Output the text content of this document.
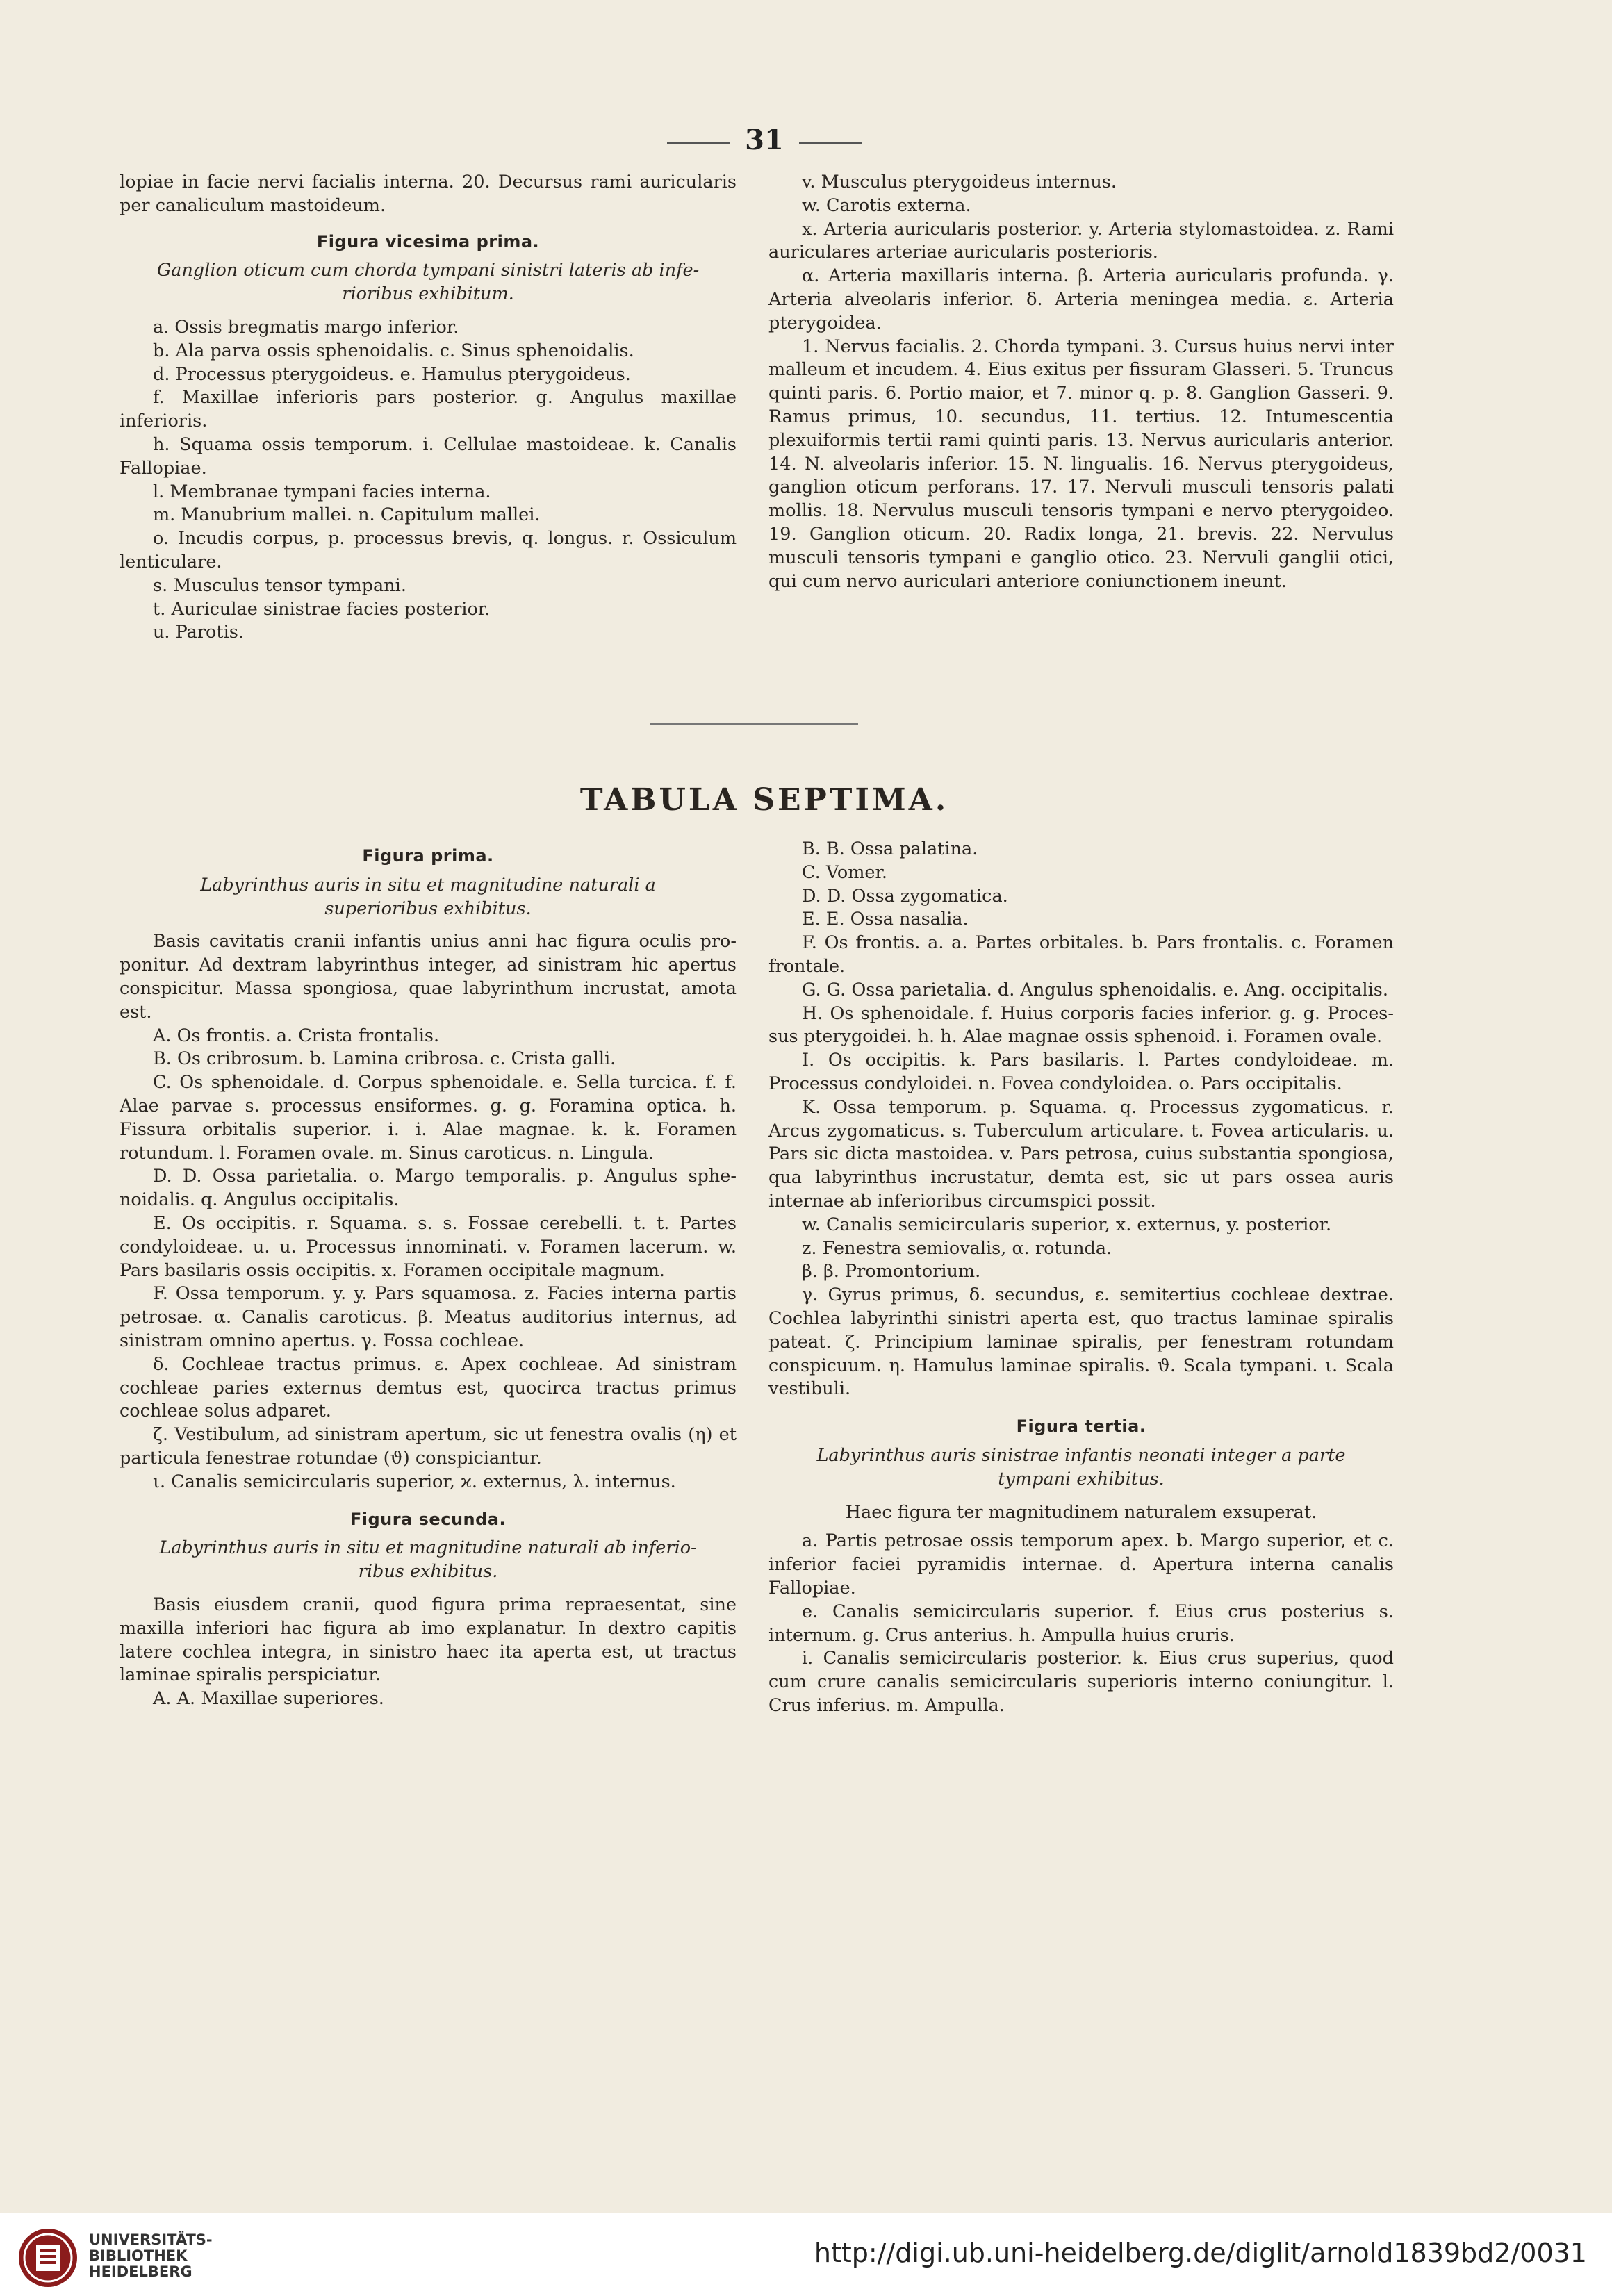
31

lopiae in facie nervi facialis interna. 20. Decursus rami auricularis per canaliculum mastoideum.

Figura vicesima prima.

Ganglion oticum cum chorda tympani sinistri lateris ab inferioribus exhibitum.

a. Ossis bregmatis margo inferior.

b. Ala parva ossis sphenoidalis. c. Sinus sphenoidalis.

d. Processus pterygoideus. e. Hamulus pterygoideus.

f. Maxillae inferioris pars posterior. g. Angulus maxillae inferioris.

h. Squama ossis temporum. i. Cellulae mastoideae. k. Canalis Fallopiae.

l. Membranae tympani facies interna.

m. Manubrium mallei. n. Capitulum mallei.

o. Incudis corpus, p. processus brevis, q. longus. r. Ossiculum lenticulare.

s. Musculus tensor tympani.

t. Auriculae sinistrae facies posterior.

u. Parotis.

v. Musculus pterygoideus internus.

w. Carotis externa.

x. Arteria auricularis posterior. y. Arteria stylomastoidea. z. Rami auriculares arteriae auricularis posterioris.

α. Arteria maxillaris interna. β. Arteria auricularis profunda. γ. Arteria alveolaris inferior. δ. Arteria meningea media. ε. Arteria pterygoidea.

1. Nervus facialis. 2. Chorda tympani. 3. Cursus huius nervi inter malleum et incudem. 4. Eius exitus per fissuram Glasseri. 5. Truncus quinti paris. 6. Portio maior, et 7. minor q. p. 8. Ganglion Gasseri. 9. Ramus primus, 10. secundus, 11. tertius. 12. Intumescentia plexuiformis tertii rami quinti paris. 13. Nervus auricularis anterior. 14. N. alveolaris inferior. 15. N. lingualis. 16. Nervus pterygoideus, ganglion oticum perforans. 17. 17. Nervuli musculi tensoris palati mollis. 18. Nervulus musculi tensoris tympani e nervo pterygoideo. 19. Ganglion oticum. 20. Radix longa, 21. brevis. 22. Nervulus musculi tensoris tympani e ganglio otico. 23. Nervuli ganglii otici, qui cum nervo auriculari anteriore coniunctionem ineunt.

TABULA SEPTIMA.
Figura prima.

Labyrinthus auris in situ et magnitudine naturali a superioribus exhibitus.

Basis cavitatis cranii infantis unius anni hac figura oculis proponitur. Ad dextram labyrinthus integer, ad sinistram hic apertus conspicitur. Massa spongiosa, quae labyrinthum incrustat, amota est.

A. Os frontis. a. Crista frontalis.

B. Os cribrosum. b. Lamina cribrosa. c. Crista galli.

C. Os sphenoidale. d. Corpus sphenoidale. e. Sella turcica. f. f. Alae parvae s. processus ensiformes. g. g. Foramina optica. h. Fissura orbitalis superior. i. i. Alae magnae. k. k. Foramen rotundum. l. Foramen ovale. m. Sinus caroticus. n. Lingula.

D. D. Ossa parietalia. o. Margo temporalis. p. Angulus sphenoidalis. q. Angulus occipitalis.

E. Os occipitis. r. Squama. s. s. Fossae cerebelli. t. t. Partes condyloideae. u. u. Processus innominati. v. Foramen lacerum. w. Pars basilaris ossis occipitis. x. Foramen occipitale magnum.

F. Ossa temporum. y. y. Pars squamosa. z. Facies interna partis petrosae. α. Canalis caroticus. β. Meatus auditorius internus, ad sinistram omnino apertus. γ. Fossa cochleae.

δ. Cochleae tractus primus. ε. Apex cochleae. Ad sinistram cochleae paries externus demtus est, quocirca tractus primus cochleae solus adparet.

ζ. Vestibulum, ad sinistram apertum, sic ut fenestra ovalis (η) et particula fenestrae rotundae (ϑ) conspiciantur.

ι. Canalis semicircularis superior, ϰ. externus, λ. internus.

Figura secunda.

Labyrinthus auris in situ et magnitudine naturali ab inferioribus exhibitus.

Basis eiusdem cranii, quod figura prima repraesentat, sine maxilla inferiori hac figura ab imo explanatur. In dextro capitis latere cochlea integra, in sinistro haec ita aperta est, ut tractus laminae spiralis perspiciatur.

A. A. Maxillae superiores.

B. B. Ossa palatina.

C. Vomer.

D. D. Ossa zygomatica.

E. E. Ossa nasalia.

F. Os frontis. a. a. Partes orbitales. b. Pars frontalis. c. Foramen frontale.

G. G. Ossa parietalia. d. Angulus sphenoidalis. e. Ang. occipitalis.

H. Os sphenoidale. f. Huius corporis facies inferior. g. g. Processus pterygoidei. h. h. Alae magnae ossis sphenoid. i. Foramen ovale.

I. Os occipitis. k. Pars basilaris. l. Partes condyloideae. m. Processus condyloidei. n. Fovea condyloidea. o. Pars occipitalis.

K. Ossa temporum. p. Squama. q. Processus zygomaticus. r. Arcus zygomaticus. s. Tuberculum articulare. t. Fovea articularis. u. Pars sic dicta mastoidea. v. Pars petrosa, cuius substantia spongiosa, qua labyrinthus incrustatur, demta est, sic ut pars ossea auris internae ab inferioribus circumspici possit.

w. Canalis semicircularis superior, x. externus, y. posterior.

z. Fenestra semiovalis, α. rotunda.

β. β. Promontorium.

γ. Gyrus primus, δ. secundus, ε. semitertius cochleae dextrae. Cochlea labyrinthi sinistri aperta est, quo tractus laminae spiralis pateat. ζ. Principium laminae spiralis, per fenestram rotundam conspicuum. η. Hamulus laminae spiralis. ϑ. Scala tympani. ι. Scala vestibuli.

Figura tertia.

Labyrinthus auris sinistrae infantis neonati integer a parte tympani exhibitus.

Haec figura ter magnitudinem naturalem exsuperat.

a. Partis petrosae ossis temporum apex. b. Margo superior, et c. inferior faciei pyramidis internae. d. Apertura interna canalis Fallopiae.

e. Canalis semicircularis superior. f. Eius crus posterius s. internum. g. Crus anterius. h. Ampulla huius cruris.

i. Canalis semicircularis posterior. k. Eius crus superius, quod cum crure canalis semicircularis superioris interno coniungitur. l. Crus inferius. m. Ampulla.

UNIVERSITÄTS-
BIBLIOTHEK
HEIDELBERG
http://digi.ub.uni-heidelberg.de/diglit/arnold1839bd2/0031
